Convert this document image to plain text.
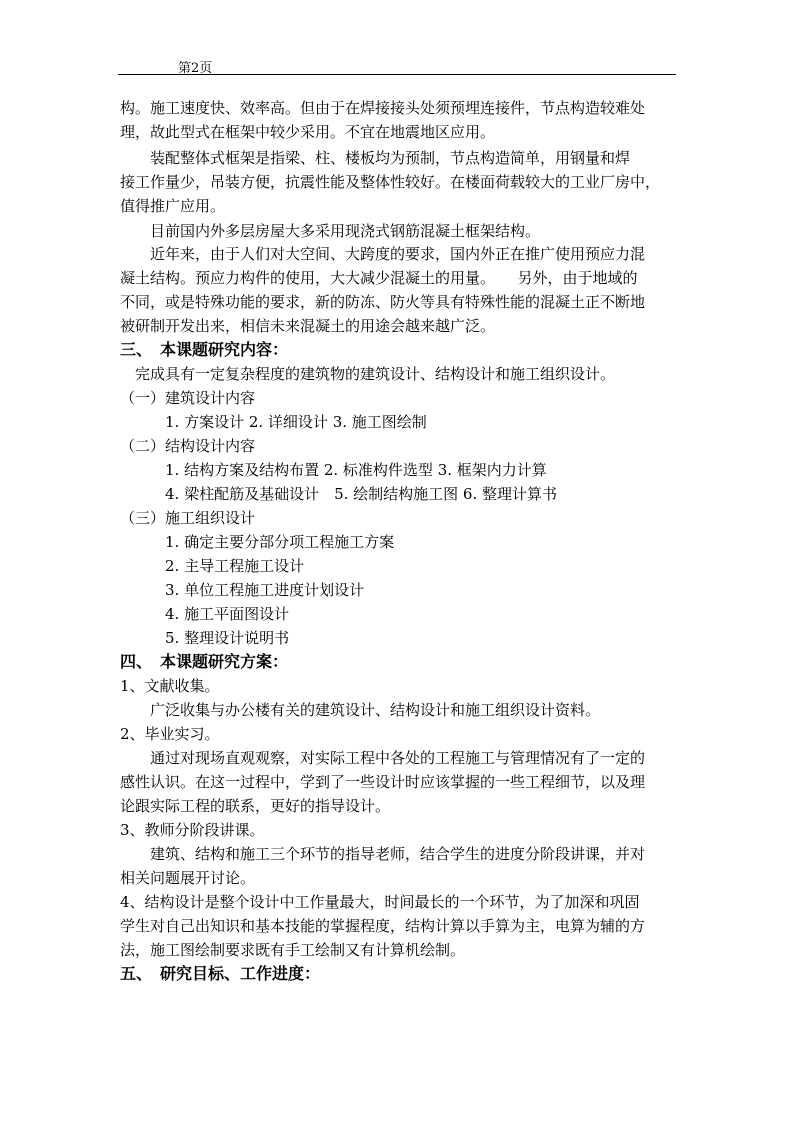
第2页
构。施工速度快、效率高。但由于在焊接接头处须预埋连接件，节点构造较难处
理，故此型式在框架中较少采用。不宜在地震地区应用。
　　装配整体式框架是指梁、柱、楼板均为预制，节点构造简单，用钢量和焊
接工作量少，吊装方便，抗震性能及整体性较好。在楼面荷载较大的工业厂房中，
值得推广应用。
　　目前国内外多层房屋大多采用现浇式钢筋混凝土框架结构。
　　近年来，由于人们对大空间、大跨度的要求，国内外正在推广使用预应力混
凝土结构。预应力构件的使用，大大减少混凝土的用量。　　另外，由于地域的
不同，或是特殊功能的要求，新的防冻、防火等具有特殊性能的混凝土正不断地
被研制开发出来，相信未来混凝土的用途会越来越广泛。
三、　本课题研究内容：
　完成具有一定复杂程度的建筑物的建筑设计、结构设计和施工组织设计。
（一）建筑设计内容
　　　1. 方案设计 2. 详细设计 3. 施工图绘制
（二）结构设计内容
　　　1. 结构方案及结构布置 2. 标准构件选型 3. 框架内力计算
　　　4. 梁柱配筋及基础设计　5. 绘制结构施工图 6. 整理计算书
（三）施工组织设计
　　　1. 确定主要分部分项工程施工方案
　　　2. 主导工程施工设计
　　　3. 单位工程施工进度计划设计
　　　4. 施工平面图设计
　　　5. 整理设计说明书
四、　本课题研究方案：
1、文献收集。
　　广泛收集与办公楼有关的建筑设计、结构设计和施工组织设计资料。
2、毕业实习。
　　通过对现场直观观察，对实际工程中各处的工程施工与管理情况有了一定的
感性认识。在这一过程中，学到了一些设计时应该掌握的一些工程细节，以及理
论跟实际工程的联系，更好的指导设计。
3、教师分阶段讲课。
　　建筑、结构和施工三个环节的指导老师，结合学生的进度分阶段讲课，并对
相关问题展开讨论。
4、结构设计是整个设计中工作量最大，时间最长的一个环节，为了加深和巩固
学生对自己出知识和基本技能的掌握程度，结构计算以手算为主，电算为辅的方
法，施工图绘制要求既有手工绘制又有计算机绘制。
五、　研究目标、工作进度：
